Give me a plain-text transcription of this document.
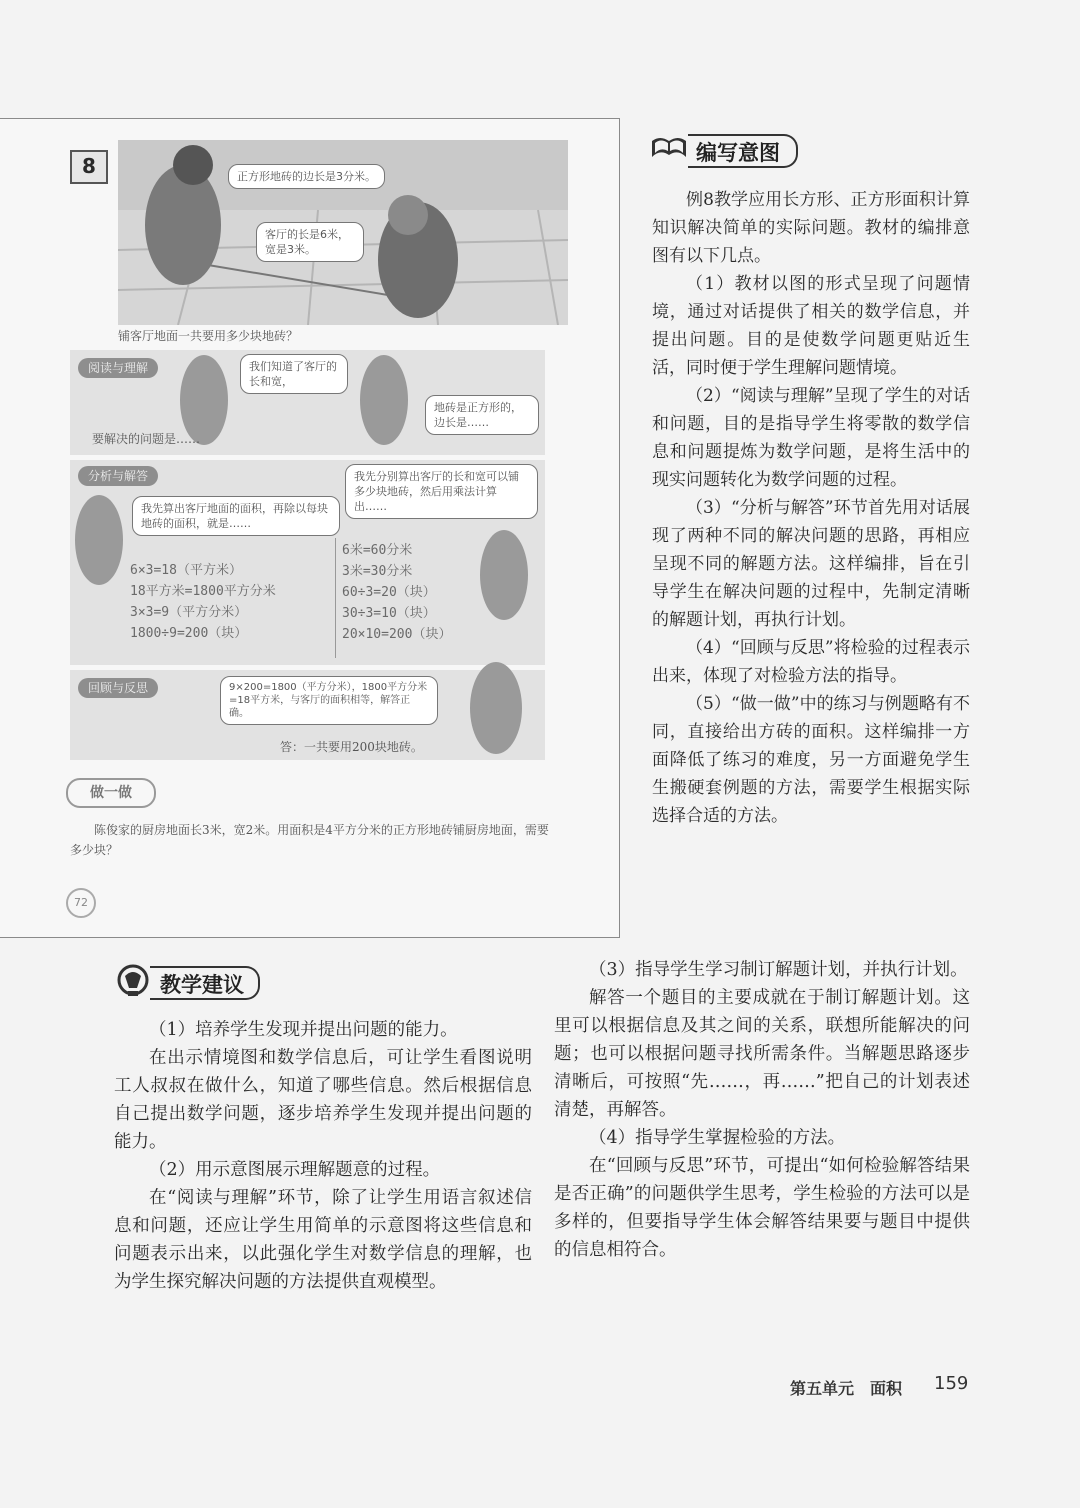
8	正方形地砖的边长是3分米。
客厅的长是6米，宽是3米。
铺客厅地面一共要用多少块地砖？
阅读与理解	我们知道了客厅的长和宽，
地砖是正方形的，边长是……
要解决的问题是……
分析与解答
我先算出客厅地面的面积，再除以每块地砖的面积，就是……
我先分别算出客厅的长和宽可以铺多少块地砖，然后用乘法计算出……
6×3=18（平方米）
18平方米=1800平方分米
3×3=9（平方分米）
1800÷9=200（块）
6米=60分米
3米=30分米
60÷3=20（块）
30÷3=10（块）
20×10=200（块）
回顾与反思	9×200=1800（平方分米），1800平方分米=18平方米，与客厅的面积相等，解答正确。
答：一共要用200块地砖。
做一做
陈俊家的厨房地面长3米，宽2米。用面积是4平方分米的正方形地砖铺厨房地面，需要多少块？
72
编写意图

例8教学应用长方形、正方形面积计算知识解决简单的实际问题。教材的编排意图有以下几点。

（1）教材以图的形式呈现了问题情境，通过对话提供了相关的数学信息，并提出问题。目的是使数学问题更贴近生活，同时便于学生理解问题情境。

（2）“阅读与理解”呈现了学生的对话和问题，目的是指导学生将零散的数学信息和问题提炼为数学问题，是将生活中的现实问题转化为数学问题的过程。

（3）“分析与解答”环节首先用对话展现了两种不同的解决问题的思路，再相应呈现不同的解题方法。这样编排，旨在引导学生在解决问题的过程中，先制定清晰的解题计划，再执行计划。

（4）“回顾与反思”将检验的过程表示出来，体现了对检验方法的指导。

（5）“做一做”中的练习与例题略有不同，直接给出方砖的面积。这样编排一方面降低了练习的难度，另一方面避免学生生搬硬套例题的方法，需要学生根据实际选择合适的方法。

教学建议

（1）培养学生发现并提出问题的能力。

在出示情境图和数学信息后，可让学生看图说明工人叔叔在做什么，知道了哪些信息。然后根据信息自己提出数学问题，逐步培养学生发现并提出问题的能力。

（2）用示意图展示理解题意的过程。

在“阅读与理解”环节，除了让学生用语言叙述信息和问题，还应让学生用简单的示意图将这些信息和问题表示出来，以此强化学生对数学信息的理解，也为学生探究解决问题的方法提供直观模型。

（3）指导学生学习制订解题计划，并执行计划。

解答一个题目的主要成就在于制订解题计划。这里可以根据信息及其之间的关系，联想所能解决的问题；也可以根据问题寻找所需条件。当解题思路逐步清晰后，可按照“先……，再……”把自己的计划表述清楚，再解答。

（4）指导学生掌握检验的方法。

在“回顾与反思”环节，可提出“如何检验解答结果是否正确”的问题供学生思考，学生检验的方法可以是多样的，但要指导学生体会解答结果要与题目中提供的信息相符合。

第五单元　面积 159
